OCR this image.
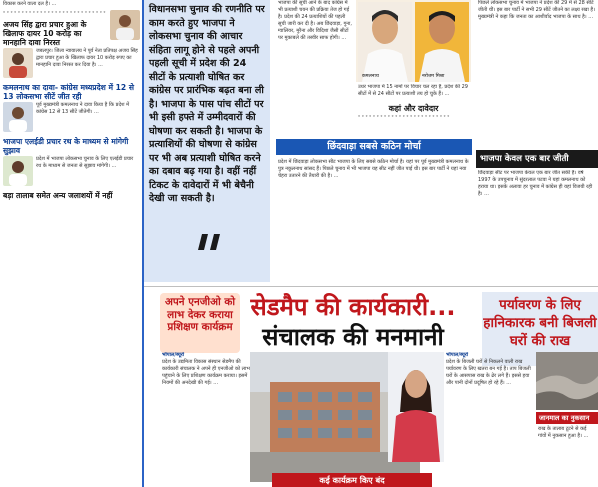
विकास करने वाला दल है। ...
॰ ॰ ॰ ॰ ॰ ॰ ॰ ॰ ॰ ॰ ॰ ॰ ॰ ॰ ॰ ॰ ॰ ॰ ॰ ॰ ॰ ॰ ॰ ॰ ॰ ॰ ॰ ॰
अजय सिंह द्वारा प्रचार हुआ के खिलाफ दायर 10 करोड़ का मानहानि दावा निरस्त
जबलपुर। जिला न्यायालय ने पूर्व नेता प्रतिपक्ष अजय सिंह द्वारा प्रचार हुआ के खिलाफ दायर 10 करोड़ रुपए का मानहानि दावा निरस्त कर दिया है। ...
कमलनाथ का दावा- कांग्रेस मध्यप्रदेश में 12 से 13 लोकसभा सीटें जीत रही
पूर्व मुख्यमंत्री कमलनाथ ने दावा किया है कि प्रदेश में कांग्रेस 12 से 13 सीटें जीतेगी। ...
भाजपा एलईडी प्रचार रथ के माध्यम से मांगेगी सुझाव
प्रदेश में भाजपा लोकसभा चुनाव के लिए एलईडी प्रचार रथ के माध्यम से जनता से सुझाव मांगेगी। ...
बड़ा तालाब समेत अन्य जलाशयों में नहीं
विधानसभा चुनाव की रणनीति पर काम करते हुए भाजपा ने लोकसभा चुनाव की आचार संहिता लागू होने से पहले अपनी पहली सूची में प्रदेश की 24 सीटों के प्रत्याशी घोषित कर कांग्रेस पर प्रारंभिक बढ़त बना ली है। भाजपा के पास पांच सीटों पर भी इसी हफ्ते में उम्मीदवारों की घोषणा कर सकती है। भाजपा के प्रत्याशियों की घोषणा से कांग्रेस पर भी अब प्रत्याशी घोषित करने का दबाव बढ़ गया है। वहीं नहीं टिकट के दावेदारों में भी बेचैनी देखी जा सकती है।
भाजपा की सूची आने के बाद कांग्रेस में भी प्रत्याशी चयन की प्रक्रिया तेज हो गई है। प्रदेश की 24 प्रत्याशियों की पहली सूची जारी कर दी है। अब छिंदवाड़ा, गुना, ग्वालियर, मुरैना और विदिशा जैसी सीटों पर मुकाबले की तस्वीर साफ होगी। ...
कमलनाथ	नरोत्तम मिश्रा
उधर भाजपा में 15 नामों पर विचार चल रहा है, प्रदेश की 29 सीटों में से 24 सीटों पर प्रत्याशी तय हो चुके हैं। ...
कहां और दावेदार
॰ ॰ ॰ ॰ ॰ ॰ ॰ ॰ ॰ ॰ ॰ ॰ ॰ ॰ ॰ ॰ ॰ ॰ ॰ ॰ ॰ ॰ ॰ ॰ ॰
छिंदवाड़ा सबसे कठिन मोर्चा
प्रदेश में छिंदवाड़ा लोकसभा सीट भाजपा के लिए सबसे कठिन मोर्चा है। यहां पर पूर्व मुख्यमंत्री कमलनाथ के पुत्र नकुलनाथ सांसद हैं। पिछले चुनाव में भी भाजपा यह सीट नहीं जीत पाई थी। इस बार पार्टी ने यहां नया चेहरा उतारने की तैयारी की है। ...
पिछले लोकसभा चुनाव में भाजपा ने प्रदेश की 29 में से 28 सीटें जीती थीं। इस बार पार्टी ने सभी 29 सीटें जीतने का लक्ष्य रखा है। मुख्यमंत्री ने कहा कि जनता का आशीर्वाद भाजपा के साथ है। ...
भाजपा केवल एक बार जीती
छिंदवाड़ा सीट पर भाजपा केवल एक बार जीत सकी है। वर्ष 1997 के उपचुनाव में सुंदरलाल पटवा ने यहां कमलनाथ को हराया था। इसके अलावा हर चुनाव में कांग्रेस ही यहां विजयी रही है। ...
अपने एनजीओ को लाभ देकर कराया प्रशिक्षण कार्यक्रम
सेडमैप की कार्यकारी...
संचालक की मनमानी
पर्यावरण के लिए हानिकारक बनी बिजली घरों की राख
भोपाल/ब्यूरो
प्रदेश के उद्यमिता विकास संस्थान सेडमैप की कार्यकारी संचालक ने अपने ही एनजीओ को लाभ पहुंचाने के लिए प्रशिक्षण कार्यक्रम कराया। इसमें नियमों की अनदेखी की गई। ...
कई कार्यक्रम किए बंद
भोपाल/ब्यूरो
प्रदेश के बिजली घरों से निकलने वाली राख पर्यावरण के लिए खतरा बन गई है। ताप बिजली घरों के आसपास राख के ढेर लगे हैं। इससे हवा और पानी दोनों प्रदूषित हो रहे हैं। ...
जानमाल का नुकसान
राख के तालाब टूटने से कई गांवों में नुकसान हुआ है। ...
